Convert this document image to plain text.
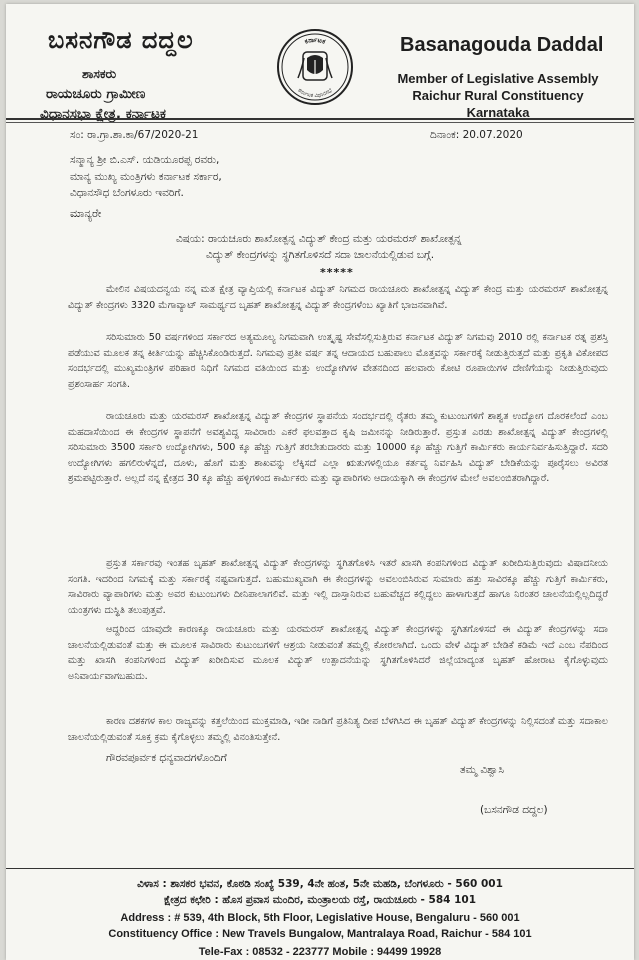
ಬಸನಗೌಡ ದದ್ದಲ
ಶಾಸಕರು
ರಾಯಚೂರು ಗ್ರಾಮೀಣ
ವಿಧಾನಸಭಾ ಕ್ಷೇತ್ರ, ಕರ್ನಾಟಕ
ಕರ್ನಾಟಕ
ಕರ್ನಾಟಕ ವಿಧಾನಸಭೆ
Basanagouda Daddal
Member of Legislative Assembly
Raichur Rural Constituency
Karnataka
ಸಂ: ರಾ.ಗ್ರಾ.ಶಾ.ಕಾ/67/2020-21	ದಿನಾಂಕ: 20.07.2020
ಸನ್ಮಾನ್ಯ ಶ್ರೀ ಬಿ.ಎಸ್. ಯಡಿಯೂರಪ್ಪ ರವರು,
ಮಾನ್ಯ ಮುಖ್ಯ ಮಂತ್ರಿಗಳು ಕರ್ನಾಟಕ ಸರ್ಕಾರ,
ವಿಧಾನಸೌಧ ಬೆಂಗಳೂರು ಇವರಿಗೆ.
ಮಾನ್ಯರೇ
ವಿಷಯ: ರಾಯಚೂರು ಶಾಖೋತ್ಪನ್ನ ವಿದ್ಯುತ್ ಕೇಂದ್ರ ಮತ್ತು ಯರಮರಸ್ ಶಾಖೋತ್ಪನ್ನ
ವಿದ್ಯುತ್ ಕೇಂದ್ರಗಳನ್ನು ಸ್ಥಗಿತಗೊಳಿಸದೆ ಸದಾ ಚಾಲನೆಯಲ್ಲಿಡುವ ಬಗ್ಗೆ.
*****
ಮೇಲಿನ ವಿಷಯದನ್ವಯ ನನ್ನ ಮತ ಕ್ಷೇತ್ರ ವ್ಯಾಪ್ತಿಯಲ್ಲಿ ಕರ್ನಾಟಕ ವಿದ್ಯುತ್ ನಿಗಮದ ರಾಯಚೂರು ಶಾಖೋತ್ಪನ್ನ ವಿದ್ಯುತ್ ಕೇಂದ್ರ ಮತ್ತು ಯರಮರಸ್ ಶಾಖೋತ್ಪನ್ನ ವಿದ್ಯುತ್ ಕೇಂದ್ರಗಳು 3320 ಮೆಗಾವ್ಯಾಟ್ ಸಾಮರ್ಥ್ಯದ ಬೃಹತ್ ಶಾಖೋತ್ಪನ್ನ ವಿದ್ಯುತ್ ಕೇಂದ್ರಗಳೆಂಬ ಖ್ಯಾತಿಗೆ ಭಾಜನವಾಗಿವೆ.
ಸರಿಸುಮಾರು 50 ವರ್ಷಗಳಿಂದ ಸರ್ಕಾರದ ಅತ್ಯಮೂಲ್ಯ ನಿಗಮವಾಗಿ ಉತ್ಕೃಷ್ಟ ಸೇವೆಸಲ್ಲಿಸುತ್ತಿರುವ ಕರ್ನಾಟಕ ವಿದ್ಯುತ್ ನಿಗಮವು 2010 ರಲ್ಲಿ ಕರ್ನಾಟಕ ರತ್ನ ಪ್ರಶಸ್ತಿ ಪಡೆಯುವ ಮೂಲಕ ತನ್ನ ಕೀರ್ತಿಯನ್ನು ಹೆಚ್ಚಿಸಿಕೊಂಡಿರುತ್ತದೆ. ನಿಗಮವು ಪ್ರತೀ ವರ್ಷ ತನ್ನ ಆದಾಯದ ಬಹುಪಾಲು ಮೊತ್ತವನ್ನು ಸರ್ಕಾರಕ್ಕೆ ನೀಡುತ್ತಿರುತ್ತದೆ ಮತ್ತು ಪ್ರಕೃತಿ ವಿಕೋಪದ ಸಂದರ್ಭದಲ್ಲಿ ಮುಖ್ಯಮಂತ್ರಿಗಳ ಪರಿಹಾರ ನಿಧಿಗೆ ನಿಗಮದ ವತಿಯಿಂದ ಮತ್ತು ಉದ್ಯೋಗಿಗಳ ವೇತನದಿಂದ ಹಲವಾರು ಕೋಟಿ ರೂಪಾಯಿಗಳ ದೇಣಿಗೆಯನ್ನು ನೀಡುತ್ತಿರುವುದು ಪ್ರಶಂಸಾರ್ಹ ಸಂಗತಿ.
ರಾಯಚೂರು ಮತ್ತು ಯರಮರಸ್ ಶಾಖೋತ್ಪನ್ನ ವಿದ್ಯುತ್ ಕೇಂದ್ರಗಳ ಸ್ಥಾಪನೆಯ ಸಂದರ್ಭದಲ್ಲಿ ರೈತರು ತಮ್ಮ ಕುಟುಂಬಗಳಿಗೆ ಶಾಶ್ವತ ಉದ್ಯೋಗ ದೊರಕಲೆಂದೆ ಎಂಬ ಮಹದಾಸೆಯಿಂದ ಈ ಕೇಂದ್ರಗಳ ಸ್ಥಾಪನೆಗೆ ಅವಶ್ಯವಿದ್ದ ಸಾವಿರಾರು ಎಕರೆ ಫಲವತ್ತಾದ ಕೃಷಿ ಜಮೀನನ್ನು ನೀಡಿರುತ್ತಾರೆ. ಪ್ರಸ್ತುತ ಎರಡು ಶಾಖೋತ್ಪನ್ನ ವಿದ್ಯುತ್ ಕೇಂದ್ರಗಳಲ್ಲಿ ಸರಿಸುಮಾರು 3500 ಸರ್ಕಾರಿ ಉದ್ಯೋಗಿಗಳು, 500 ಕ್ಕೂ ಹೆಚ್ಚು ಗುತ್ತಿಗೆ ತರಬೇತುದಾರರು ಮತ್ತು 10000 ಕ್ಕೂ ಹೆಚ್ಚು ಗುತ್ತಿಗೆ ಕಾರ್ಮಿಕರು ಕಾರ್ಯನಿರ್ವಹಿಸುತ್ತಿದ್ದಾರೆ. ಸದರಿ ಉದ್ಯೋಗಿಗಳು ಹಗಲಿರುಳೆನ್ನದೆ, ದೂಳು, ಹೊಗೆ ಮತ್ತು ಶಾಖವನ್ನು ಲೆಕ್ಕಿಸದೆ ಎಲ್ಲಾ ಋತುಗಳಲ್ಲಿಯೂ ಕರ್ತವ್ಯ ನಿರ್ವಹಿಸಿ ವಿದ್ಯುತ್ ಬೇಡಿಕೆಯನ್ನು ಪೂರೈಸಲು ಅವಿರತ ಶ್ರಮಪಟ್ಟಿರುತ್ತಾರೆ. ಅಲ್ಲದೆ ನನ್ನ ಕ್ಷೇತ್ರದ 30 ಕ್ಕೂ ಹೆಚ್ಚು ಹಳ್ಳಿಗಳಿಂದ ಕಾರ್ಮಿಕರು ಮತ್ತು ವ್ಯಾಪಾರಿಗಳು ಆದಾಯಕ್ಕಾಗಿ ಈ ಕೇಂದ್ರಗಳ ಮೇಲೆ ಅವಲಂಬಿತರಾಗಿದ್ದಾರೆ.
ಪ್ರಸ್ತುತ ಸರ್ಕಾರವು ಇಂತಹ ಬೃಹತ್ ಶಾಖೋತ್ಪನ್ನ ವಿದ್ಯುತ್ ಕೇಂದ್ರಗಳನ್ನು ಸ್ಥಗಿತಗೊಳಿಸಿ ಇತರೆ ಖಾಸಗಿ ಕಂಪನಿಗಳಿಂದ ವಿದ್ಯುತ್ ಖರೀದಿಸುತ್ತಿರುವುದು ವಿಷಾದನೀಯ ಸಂಗತಿ. ಇದರಿಂದ ನಿಗಮಕ್ಕೆ ಮತ್ತು ಸರ್ಕಾರಕ್ಕೆ ನಷ್ಟವಾಗುತ್ತದೆ. ಬಹುಮುಖ್ಯವಾಗಿ ಈ ಕೇಂದ್ರಗಳನ್ನು ಅವಲಂಬಿಸಿರುವ ಸುಮಾರು ಹತ್ತು ಸಾವಿರಕ್ಕೂ ಹೆಚ್ಚು ಗುತ್ತಿಗೆ ಕಾರ್ಮಿಕರು, ಸಾವಿರಾರು ವ್ಯಾಪಾರಿಗಳು ಮತ್ತು ಅವರ ಕುಟುಂಬಗಳು ದೀನಿಪಾಲಾಗಲಿವೆ. ಮತ್ತು ಇಲ್ಲಿ ದಾಸ್ತಾನಿರುವ ಬಹುವೆಚ್ಚದ ಕಲ್ಲಿದ್ದಲು ಹಾಳಾಗುತ್ತದೆ ಹಾಗೂ ನಿರಂತರ ಚಾಲನೆಯಲ್ಲಿಲ್ಲದಿದ್ದರೆ ಯಂತ್ರಗಳು ದುಸ್ಥಿತಿ ತಲುಪುತ್ತವೆ.
ಆದ್ದರಿಂದ ಯಾವುದೇ ಕಾರಣಕ್ಕೂ ರಾಯಚೂರು ಮತ್ತು ಯರಮರಸ್ ಶಾಖೋತ್ಪನ್ನ ವಿದ್ಯುತ್ ಕೇಂದ್ರಗಳನ್ನು ಸ್ಥಗಿತಗೊಳಿಸದೆ ಈ ವಿದ್ಯುತ್ ಕೇಂದ್ರಗಳನ್ನು ಸದಾ ಚಾಲನೆಯಲ್ಲಿಡುವಂತೆ ಮತ್ತು ಈ ಮೂಲಕ ಸಾವಿರಾರು ಕುಟುಂಬಗಳಿಗೆ ಆಶ್ರಯ ನೀಡುವಂತೆ ತಮ್ಮಲ್ಲಿ ಕೋರಲಾಗಿದೆ. ಒಂದು ವೇಳೆ ವಿದ್ಯುತ್ ಬೇಡಿಕೆ ಕಡಿಮೆ ಇದೆ ಎಂಬ ನೆಪದಿಂದ ಮತ್ತು ಖಾಸಗಿ ಕಂಪನಿಗಳಿಂದ ವಿದ್ಯುತ್ ಖರೀದಿಸುವ ಮೂಲಕ ವಿದ್ಯುತ್ ಉತ್ಪಾದನೆಯನ್ನು ಸ್ಥಗಿತಗೊಳಿಸಿದರೆ ಜಿಲ್ಲೆಯಾದ್ಯಂತ ಬೃಹತ್ ಹೋರಾಟ ಕೈಗೊಳ್ಳುವುದು ಅನಿವಾರ್ಯವಾಗಬಹುದು.
ಕಾರಣ ದಶಕಗಳ ಕಾಲ ರಾಜ್ಯವನ್ನು ಕತ್ತಲೆಯಿಂದ ಮುಕ್ತಮಾಡಿ, ಇಡೀ ನಾಡಿಗೆ ಪ್ರತಿನಿತ್ಯ ದೀಪ ಬೆಳಗಿಸಿದ ಈ ಬೃಹತ್ ವಿದ್ಯುತ್ ಕೇಂದ್ರಗಳನ್ನು ನಿಲ್ಲಿಸದಂತೆ ಮತ್ತು ಸದಾಕಾಲ ಚಾಲನೆಯಲ್ಲಿಡುವಂತೆ ಸೂಕ್ತ ಕ್ರಮ ಕೈಗೊಳ್ಳಲು ತಮ್ಮಲ್ಲಿ ವಿನಂತಿಸುತ್ತೇನೆ.
ಗೌರವಪೂರ್ವಕ ಧನ್ಯವಾದಗಳೊಂದಿಗೆ
ತಮ್ಮ ವಿಶ್ವಾಸಿ
(ಬಸನಗೌಡ ದದ್ದಲ)
ವಿಳಾಸ : ಶಾಸಕರ ಭವನ, ಕೊಠಡಿ ಸಂಖ್ಯೆ 539, 4ನೇ ಹಂತ, 5ನೇ ಮಹಡಿ, ಬೆಂಗಳೂರು - 560 001
ಕ್ಷೇತ್ರದ ಕಛೇರಿ : ಹೊಸ ಪ್ರವಾಸ ಮಂದಿರ, ಮಂತ್ರಾಲಯ ರಸ್ತೆ, ರಾಯಚೂರು - 584 101
Address : # 539, 4th Block, 5th Floor, Legislative House, Bengaluru - 560 001
Constituency Office : New Travels Bungalow, Mantralaya Road, Raichur - 584 101
Tele-Fax : 08532 - 223777 Mobile : 94499 19928
